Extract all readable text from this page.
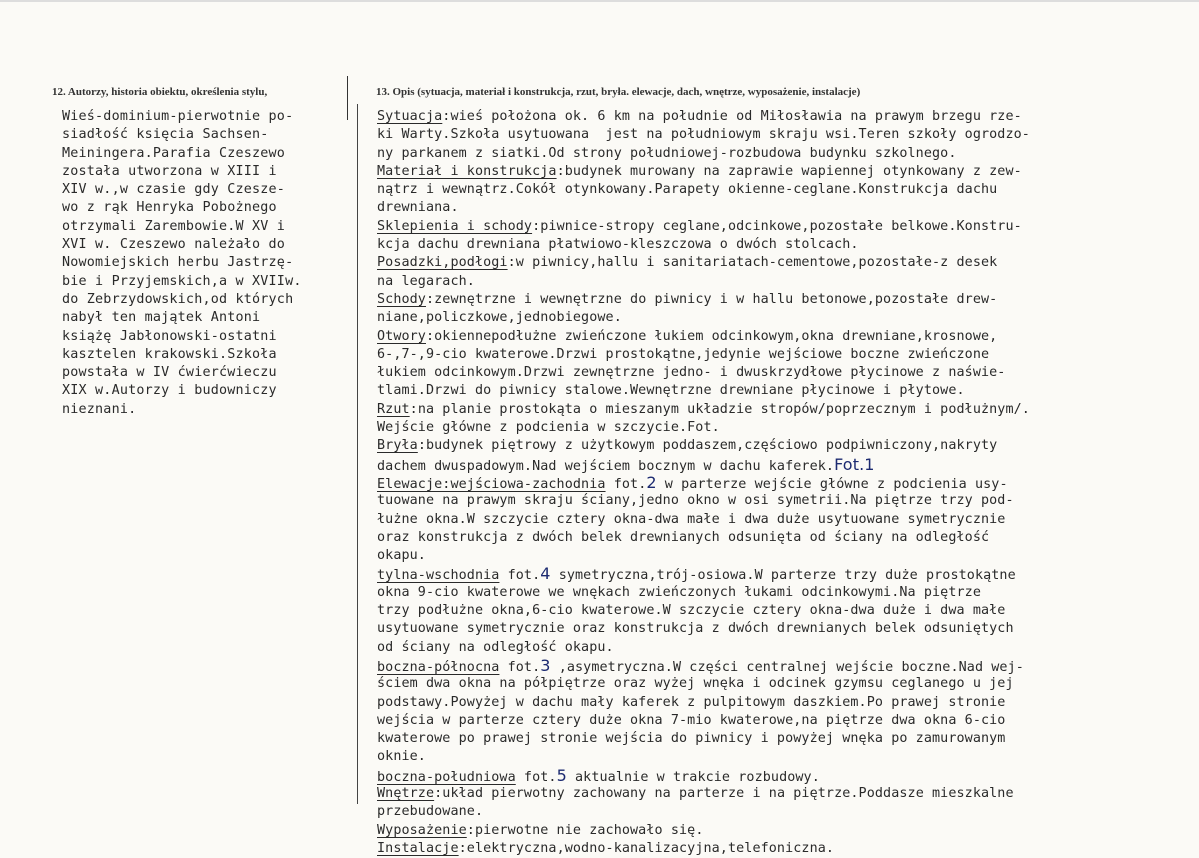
12. Autorzy, historia obiektu, określenia stylu,	13. Opis (sytuacja, materiał i konstrukcja, rzut, bryła. elewacje, dach, wnętrze, wyposażenie, instalacje)
Wieś-dominium-pierwotnie po-
siadłość księcia Sachsen-
Meiningera.Parafia Czeszewo
została utworzona w XIII i
XIV w.,w czasie gdy Czesze-
wo z rąk Henryka Pobożnego
otrzymali Zarembowie.W XV i
XVI w. Czeszewo należało do
Nowomiejskich herbu Jastrzę-
bie i Przyjemskich,a w XVIIw.
do Zebrzydowskich,od których
nabył ten majątek Antoni
książę Jabłonowski-ostatni
kasztelen krakowski.Szkoła
powstała w IV ćwierćwieczu
XIX w.Autorzy i budowniczy
nieznani.
Sytuacja:wieś położona ok. 6 km na południe od Miłosławia na prawym brzegu rze-
ki Warty.Szkoła usytuowana  jest na południowym skraju wsi.Teren szkoły ogrodzo-
ny parkanem z siatki.Od strony południowej-rozbudowa budynku szkolnego.
Materiał i konstrukcja:budynek murowany na zaprawie wapiennej otynkowany z zew-
nątrz i wewnątrz.Cokół otynkowany.Parapety okienne-ceglane.Konstrukcja dachu
drewniana.
Sklepienia i schody:piwnice-stropy ceglane,odcinkowe,pozostałe belkowe.Konstru-
kcja dachu drewniana płatwiowo-kleszczowa o dwóch stolcach.
Posadzki,podłogi:w piwnicy,hallu i sanitariatach-cementowe,pozostałe-z desek
na legarach.
Schody:zewnętrzne i wewnętrzne do piwnicy i w hallu betonowe,pozostałe drew-
niane,policzkowe,jednobiegowe.
Otwory:okiennepodłużne zwieńczone łukiem odcinkowym,okna drewniane,krosnowe,
6-,7-,9-cio kwaterowe.Drzwi prostokątne,jedynie wejściowe boczne zwieńczone
łukiem odcinkowym.Drzwi zewnętrzne jedno- i dwuskrzydłowe płycinowe z naświe-
tlami.Drzwi do piwnicy stalowe.Wewnętrzne drewniane płycinowe i płytowe.
Rzut:na planie prostokąta o mieszanym układzie stropów/poprzecznym i podłużnym/.
Wejście główne z podcienia w szczycie.Fot.
Bryła:budynek piętrowy z użytkowym poddaszem,częściowo podpiwniczony,nakryty
dachem dwuspadowym.Nad wejściem bocznym w dachu kaferek.Fot.1
Elewacje:wejściowa-zachodnia fot.2 w parterze wejście główne z podcienia usy-
tuowane na prawym skraju ściany,jedno okno w osi symetrii.Na piętrze trzy pod-
łużne okna.W szczycie cztery okna-dwa małe i dwa duże usytuowane symetrycznie
oraz konstrukcja z dwóch belek drewnianych odsunięta od ściany na odległość
okapu.
tylna-wschodnia fot.4 symetryczna,trój-osiowa.W parterze trzy duże prostokątne
okna 9-cio kwaterowe we wnękach zwieńczonych łukami odcinkowymi.Na piętrze
trzy podłużne okna,6-cio kwaterowe.W szczycie cztery okna-dwa duże i dwa małe
usytuowane symetrycznie oraz konstrukcja z dwóch drewnianych belek odsuniętych
od ściany na odległość okapu.
boczna-północna fot.3 ,asymetryczna.W części centralnej wejście boczne.Nad wej-
ściem dwa okna na półpiętrze oraz wyżej wnęka i odcinek gzymsu ceglanego u jej
podstawy.Powyżej w dachu mały kaferek z pulpitowym daszkiem.Po prawej stronie
wejścia w parterze cztery duże okna 7-mio kwaterowe,na piętrze dwa okna 6-cio
kwaterowe po prawej stronie wejścia do piwnicy i powyżej wnęka po zamurowanym
oknie.
boczna-południowa fot.5 aktualnie w trakcie rozbudowy.
Wnętrze:układ pierwotny zachowany na parterze i na piętrze.Poddasze mieszkalne
przebudowane.
Wyposażenie:pierwotne nie zachowało się.
Instalacje:elektryczna,wodno-kanalizacyjna,telefoniczna.
